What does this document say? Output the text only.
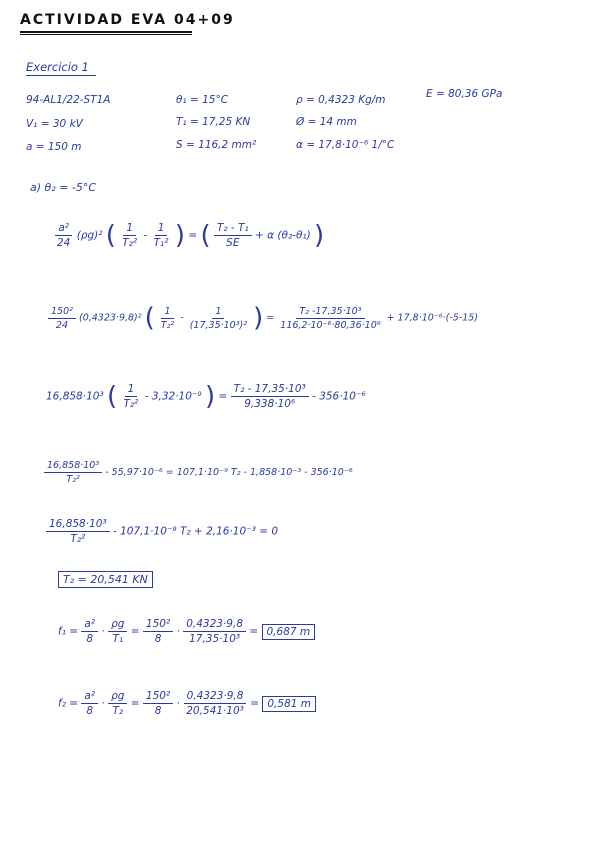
ACTIVIDAD EVA 04+09
Exercicio 1
94-AL1/22-ST1A	θ₁ = 15°C	ρ = 0,4323 Kg/m	E = 80,36 GPa
V₁ = 30 kV	T₁ = 17,25 KN	Ø = 14 mm
a = 150 m	S = 116,2 mm²	α = 17,8·10⁻⁶ 1/°C
a) θ₂ = -5°C
$\frac{\text{a²}}{24} (\rho g)^2$ ( $\frac{1}{\text{T₂²}} - \frac{1}{\text{T₁²}}$ ) = ( $\frac{\text{T₂ - T₁}}{SE} + \alpha$ (θ₂-θ₁) )
$\frac{\text{150²}}{24} (0,4323\cdot 9,8)^2$ ( $\frac{1}{\text{T₂²}} - \frac{1}{\text{(17,35·10³)²}}$ ) = $\frac{\text{T₂ -17,35·10³}}{\text{116,2·10⁻⁶·80,36·10⁹}} + 17,8\cdot 10^{-6}\cdot(-5-15)$
16,858·10³ ( $\frac{1}{\text{T₂²}} - 3,32\cdot 10^{-9}$ ) = $\frac{\text{T₂ - 17,35·10³}}{\text{9,338·10⁶}} - 356\cdot 10^{-6}$
$\frac{\text{16,858·10³}}{\text{T₂²}} - 55,97\cdot 10^{-6} = 107,1\cdot 10^{-9}$ T₂ - 1,858·10⁻³ - 356·10⁻⁶
$\frac{\text{16,858·10³}}{\text{T₂²}} - 107,1\cdot 10^{-9}$ T₂ + 2,16·10⁻³ = 0
T₂ = 20,541 KN
$f_1 = \frac{\text{a²}}{8} \cdot \frac{\rho g}{\text{T₁}} = \frac{\text{150²}}{8} \cdot \frac{0,4323\cdot 9,8}{\text{17,35·10³}} = 0,687$ m
$f_2 = \frac{\text{a²}}{8} \cdot \frac{\rho g}{\text{T₂}} = \frac{\text{150²}}{8} \cdot \frac{0,4323\cdot 9,8}{\text{20,541·10³}} = 0,581$ m
